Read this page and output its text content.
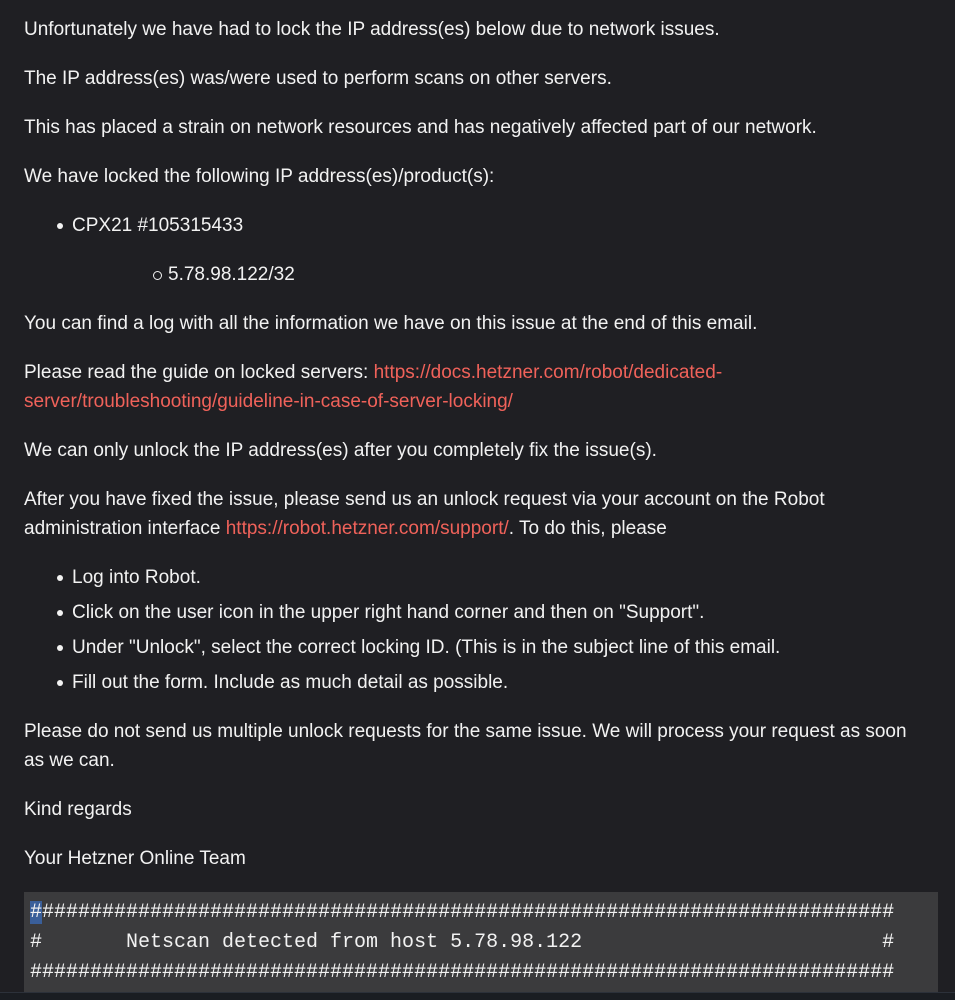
Unfortunately we have had to lock the IP address(es) below due to network issues.
The IP address(es) was/were used to perform scans on other servers.
This has placed a strain on network resources and has negatively affected part of our network.
We have locked the following IP address(es)/product(s):
CPX21 #105315433
5.78.98.122/32
You can find a log with all the information we have on this issue at the end of this email.
Please read the guide on locked servers: https://docs.hetzner.com/robot/dedicated-
server/troubleshooting/guideline-in-case-of-server-locking/
We can only unlock the IP address(es) after you completely fix the issue(s).
After you have fixed the issue, please send us an unlock request via your account on the Robot
administration interface https://robot.hetzner.com/support/. To do this, please
Log into Robot.
Click on the user icon in the upper right hand corner and then on "Support".
Under "Unlock", select the correct locking ID. (This is in the subject line of this email.
Fill out the form. Include as much detail as possible.
Please do not send us multiple unlock requests for the same issue. We will process your request as soon
as we can.
Kind regards
Your Hetzner Online Team
########################################################################
#       Netscan detected from host 5.78.98.122                         #
########################################################################
